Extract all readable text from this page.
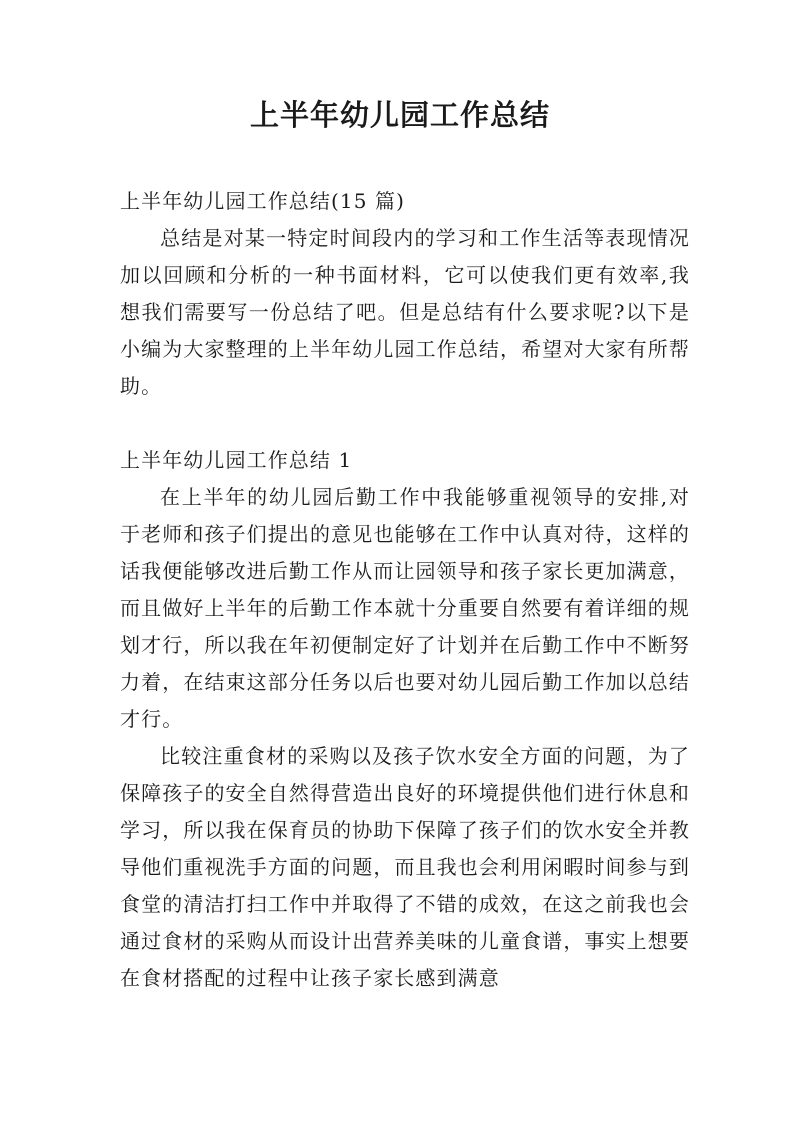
上半年幼儿园工作总结

上半年幼儿园工作总结(15 篇)

总结是对某一特定时间段内的学习和工作生活等表现情况加以回顾和分析的一种书面材料，它可以使我们更有效率,我想我们需要写一份总结了吧。但是总结有什么要求呢?以下是小编为大家整理的上半年幼儿园工作总结，希望对大家有所帮助。

上半年幼儿园工作总结 1

在上半年的幼儿园后勤工作中我能够重视领导的安排,对于老师和孩子们提出的意见也能够在工作中认真对待，这样的话我便能够改进后勤工作从而让园领导和孩子家长更加满意，而且做好上半年的后勤工作本就十分重要自然要有着详细的规划才行，所以我在年初便制定好了计划并在后勤工作中不断努力着，在结束这部分任务以后也要对幼儿园后勤工作加以总结才行。

比较注重食材的采购以及孩子饮水安全方面的问题，为了保障孩子的安全自然得营造出良好的环境提供他们进行休息和学习，所以我在保育员的协助下保障了孩子们的饮水安全并教导他们重视洗手方面的问题，而且我也会利用闲暇时间参与到食堂的清洁打扫工作中并取得了不错的成效，在这之前我也会通过食材的采购从而设计出营养美味的儿童食谱，事实上想要在食材搭配的过程中让孩子家长感到满意
